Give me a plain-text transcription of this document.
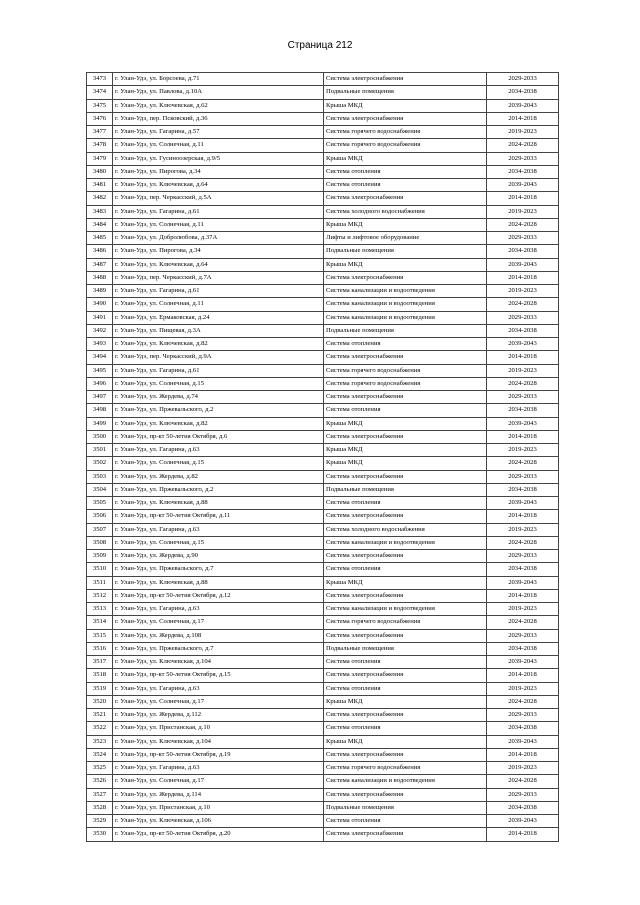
Страница 212
3473	г. Улан-Удэ, ул. Борсоева, д.71	Система электроснабжения	2029-2033
3474	г. Улан-Удэ, ул. Павлова, д.10А	Подвальные помещения	2034-2038
3475	г. Улан-Удэ, ул. Ключевская, д.62	Крыша МКД	2039-2043
3476	г. Улан-Удэ, пер. Псковский, д.36	Система электроснабжения	2014-2018
3477	г. Улан-Удэ, ул. Гагарина, д.57	Система горячего водоснабжения	2019-2023
3478	г. Улан-Удэ, ул. Солнечная, д.11	Система горячего водоснабжения	2024-2028
3479	г. Улан-Удэ, ул. Гусиноозерская, д.9/5	Крыша МКД	2029-2033
3480	г. Улан-Удэ, ул. Пирогова, д.34	Система отопления	2034-2038
3481	г. Улан-Удэ, ул. Ключевская, д.64	Система отопления	2039-2043
3482	г. Улан-Удэ, пер. Черкасский, д.5А	Система электроснабжения	2014-2018
3483	г. Улан-Удэ, ул. Гагарина, д.61	Система холодного водоснабжения	2019-2023
3484	г. Улан-Удэ, ул. Солнечная, д.11	Крыша МКД	2024-2028
3485	г. Улан-Удэ, ул. Добролюбова, д.37А	Лифты и лифтовое оборудование	2029-2033
3486	г. Улан-Удэ, ул. Пирогова, д.34	Подвальные помещения	2034-2038
3487	г. Улан-Удэ, ул. Ключевская, д.64	Крыша МКД	2039-2043
3488	г. Улан-Удэ, пер. Черкасский, д.7А	Система электроснабжения	2014-2018
3489	г. Улан-Удэ, ул. Гагарина, д.61	Система канализации и водоотведения	2019-2023
3490	г. Улан-Удэ, ул. Солнечная, д.11	Система канализации и водоотведения	2024-2028
3491	г. Улан-Удэ, ул. Ермаковская, д.24	Система канализации и водоотведения	2029-2033
3492	г. Улан-Удэ, ул. Пищевая, д.3А	Подвальные помещения	2034-2038
3493	г. Улан-Удэ, ул. Ключевская, д.82	Система отопления	2039-2043
3494	г. Улан-Удэ, пер. Черкасский, д.9А	Система электроснабжения	2014-2018
3495	г. Улан-Удэ, ул. Гагарина, д.61	Система горячего водоснабжения	2019-2023
3496	г. Улан-Удэ, ул. Солнечная, д.15	Система горячего водоснабжения	2024-2028
3497	г. Улан-Удэ, ул. Жердева, д.74	Система электроснабжения	2029-2033
3498	г. Улан-Удэ, ул. Пржевальского, д.2	Система отопления	2034-2038
3499	г. Улан-Удэ, ул. Ключевская, д.82	Крыша МКД	2039-2043
3500	г. Улан-Удэ, пр-кт 50-летия Октября, д.6	Система электроснабжения	2014-2018
3501	г. Улан-Удэ, ул. Гагарина, д.63	Крыша МКД	2019-2023
3502	г. Улан-Удэ, ул. Солнечная, д.15	Крыша МКД	2024-2028
3503	г. Улан-Удэ, ул. Жердева, д.82	Система электроснабжения	2029-2033
3504	г. Улан-Удэ, ул. Пржевальского, д.2	Подвальные помещения	2034-2038
3505	г. Улан-Удэ, ул. Ключевская, д.88	Система отопления	2039-2043
3506	г. Улан-Удэ, пр-кт 50-летия Октября, д.11	Система электроснабжения	2014-2018
3507	г. Улан-Удэ, ул. Гагарина, д.63	Система холодного водоснабжения	2019-2023
3508	г. Улан-Удэ, ул. Солнечная, д.15	Система канализации и водоотведения	2024-2028
3509	г. Улан-Удэ, ул. Жердева, д.90	Система электроснабжения	2029-2033
3510	г. Улан-Удэ, ул. Пржевальского, д.7	Система отопления	2034-2038
3511	г. Улан-Удэ, ул. Ключевская, д.88	Крыша МКД	2039-2043
3512	г. Улан-Удэ, пр-кт 50-летия Октября, д.12	Система электроснабжения	2014-2018
3513	г. Улан-Удэ, ул. Гагарина, д.63	Система канализации и водоотведения	2019-2023
3514	г. Улан-Удэ, ул. Солнечная, д.17	Система горячего водоснабжения	2024-2028
3515	г. Улан-Удэ, ул. Жердева, д.108	Система электроснабжения	2029-2033
3516	г. Улан-Удэ, ул. Пржевальского, д.7	Подвальные помещения	2034-2038
3517	г. Улан-Удэ, ул. Ключевская, д.104	Система отопления	2039-2043
3518	г. Улан-Удэ, пр-кт 50-летия Октября, д.15	Система электроснабжения	2014-2018
3519	г. Улан-Удэ, ул. Гагарина, д.63	Система отопления	2019-2023
3520	г. Улан-Удэ, ул. Солнечная, д.17	Крыша МКД	2024-2028
3521	г. Улан-Удэ, ул. Жердева, д.112	Система электроснабжения	2029-2033
3522	г. Улан-Удэ, ул. Пристанская, д.10	Система отопления	2034-2038
3523	г. Улан-Удэ, ул. Ключевская, д.104	Крыша МКД	2039-2043
3524	г. Улан-Удэ, пр-кт 50-летия Октября, д.19	Система электроснабжения	2014-2018
3525	г. Улан-Удэ, ул. Гагарина, д.63	Система горячего водоснабжения	2019-2023
3526	г. Улан-Удэ, ул. Солнечная, д.17	Система канализации и водоотведения	2024-2028
3527	г. Улан-Удэ, ул. Жердева, д.114	Система электроснабжения	2029-2033
3528	г. Улан-Удэ, ул. Пристанская, д.10	Подвальные помещения	2034-2038
3529	г. Улан-Удэ, ул. Ключевская, д.106	Система отопления	2039-2043
3530	г. Улан-Удэ, пр-кт 50-летия Октября, д.20	Система электроснабжения	2014-2018
